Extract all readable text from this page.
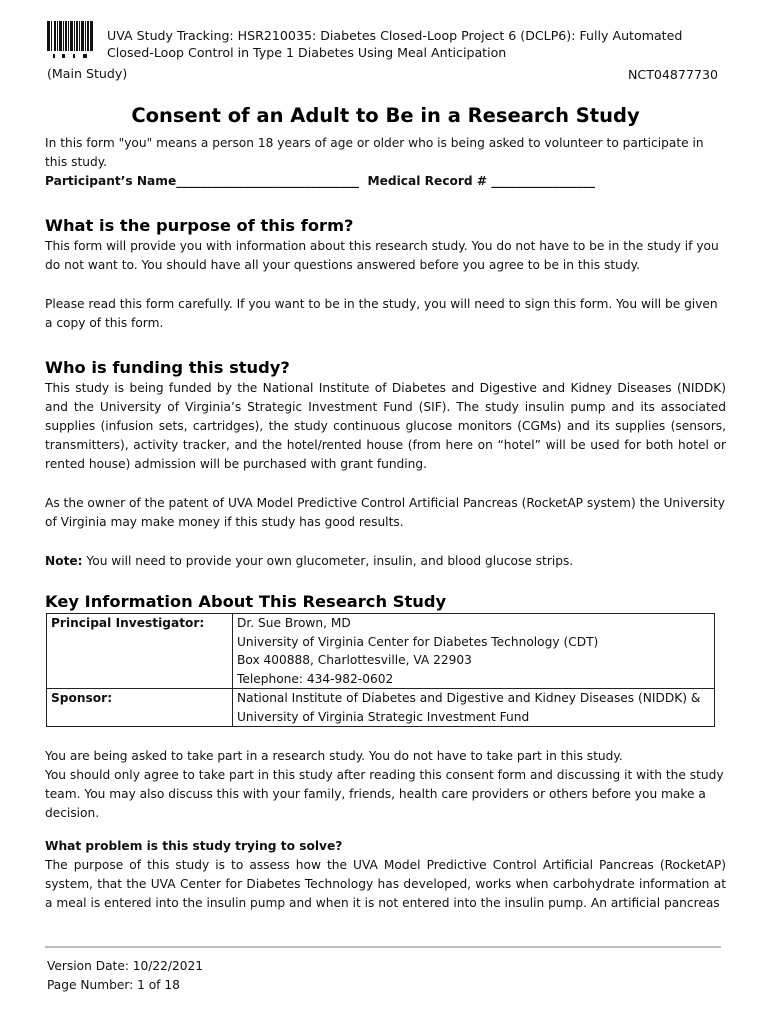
UVA Study Tracking: HSR210035: Diabetes Closed-Loop Project 6 (DCLP6): Fully Automated Closed-Loop Control in Type 1 Diabetes Using Meal Anticipation
(Main Study)	NCT04877730
Consent of an Adult to Be in a Research Study

In this form "you" means a person 18 years of age or older who is being asked to volunteer to participate in this study.

Participant’s Name______________________________  Medical Record # _________________

What is the purpose of this form?

This form will provide you with information about this research study. You do not have to be in the study if you do not want to. You should have all your questions answered before you agree to be in this study.

Please read this form carefully. If you want to be in the study, you will need to sign this form. You will be given a copy of this form.

Who is funding this study?

This study is being funded by the National Institute of Diabetes and Digestive and Kidney Diseases (NIDDK) and the University of Virginia’s Strategic Investment Fund (SIF). The study insulin pump and its associated supplies (infusion sets, cartridges), the study continuous glucose monitors (CGMs) and its supplies (sensors, transmitters), activity tracker, and the hotel/rented house (from here on “hotel” will be used for both hotel or rented house) admission will be purchased with grant funding.

As the owner of the patent of UVA Model Predictive Control Artificial Pancreas (RocketAP system) the University of Virginia may make money if this study has good results.

Note: You will need to provide your own glucometer, insulin, and blood glucose strips.

Key Information About This Research Study
Principal Investigator:	Dr. Sue Brown, MD
University of Virginia Center for Diabetes Technology (CDT)
Box 400888, Charlottesville, VA 22903
Telephone: 434-982-0602

Sponsor:	National Institute of Diabetes and Digestive and Kidney Diseases (NIDDK) &
University of Virginia Strategic Investment Fund

You are being asked to take part in a research study. You do not have to take part in this study.

You should only agree to take part in this study after reading this consent form and discussing it with the study team. You may also discuss this with your family, friends, health care providers or others before you make a decision.

What problem is this study trying to solve?

The purpose of this study is to assess how the UVA Model Predictive Control Artificial Pancreas (RocketAP) system, that the UVA Center for Diabetes Technology has developed, works when carbohydrate information at a meal is entered into the insulin pump and when it is not entered into the insulin pump. An artificial pancreas

Version Date: 10/22/2021
Page Number: 1 of 18
